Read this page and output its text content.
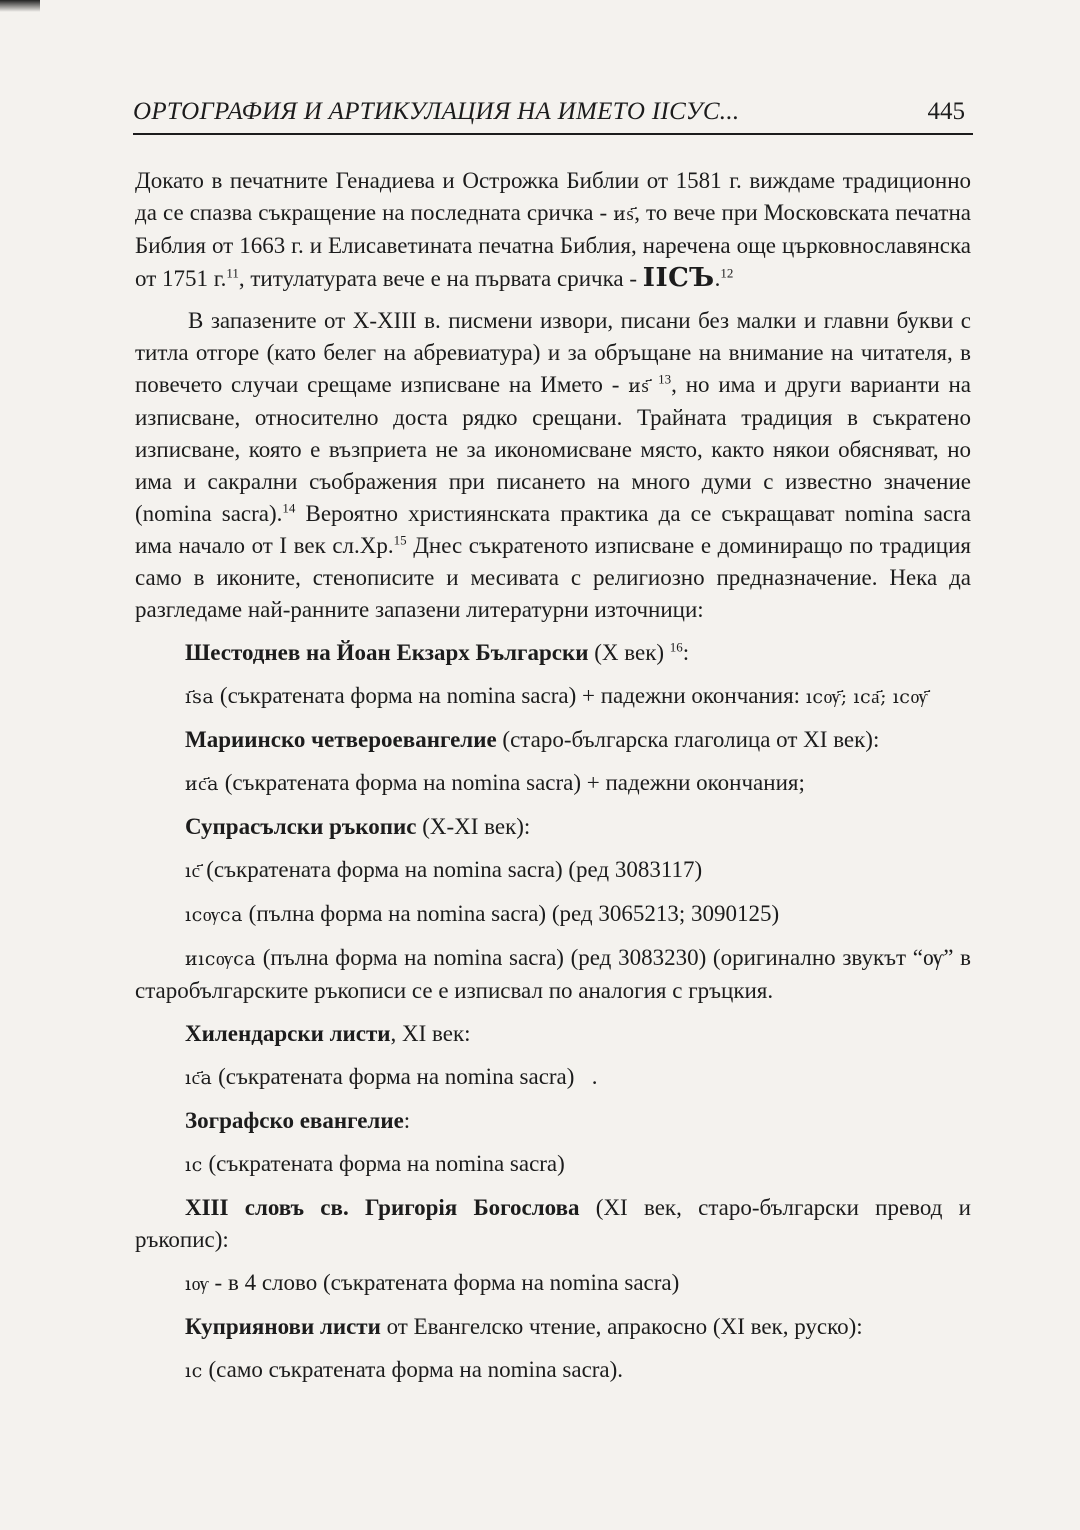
ОРТОГРАФИЯ И АРТИКУЛАЦИЯ НА ИМЕТО ІІСУС...	445

Докато в печатните Генадиева и Острожка Библии от 1581 г. виждаме традиционно да се спазва съкращение на последната сричка - иѕ҃, то вече при Московската печатна Библия от 1663 г. и Елисаветината печатна Библия, наречена още църковнославянска от 1751 г.$^{11}$, титулатурата вече е на първата сричка - ІІСЪ.$^{12}$

В запазените от X-XIII в. писмени извори, писани без малки и главни букви с титла отгоре (като белег на абревиатура) и за обръщане на внимание на читателя, в повечето случаи срещаме изписване на Името - иѕ҃ $^{13}$, но има и други варианти на изписване, относително доста рядко срещани. Трайната традиция в съкратено изписване, която е възприета не за икономисване място, както някои обясняват, но има и сакрални съображения при писането на много думи с известно значение (nomina sacra).$^{14}$ Вероятно християнската практика да се съкращават nomina sacra има начало от I век сл.Хр.$^{15}$ Днес съкратеното изписване е доминиращо по традиция само в иконите, стенописите и месивата с религиозно предназначение. Нека да разгледаме най-ранните запазени литературни източници:

Шестоднев на Йоан Екзарх Български (X век) $^{16}$:

ı҃ѕа (съкратената форма на nomina sacra) + падежни окончания: ıсѹ҃; ıса҃; ıсѹ҃

Мариинско четвероевангелие (старо-българска глаголица от XI век):

ис҃а (съкратената форма на nomina sacra) + падежни окончания;

Супрасълски ръкопис (X-XI век):

ıс҃ (съкратената форма на nomina sacra) (ред 3083117)

ıсѹса (пълна форма на nomina sacra) (ред 3065213; 3090125)

иıсѹса (пълна форма на nomina sacra) (ред 3083230) (оригинално звукът “ѹ” в старобългарските ръкописи се е изписвал по аналогия с гръцкия.

Хилендарски листи, XI век:

ıс҃а (съкратената форма на nomina sacra) .

Зографско евангелие:

ıс (съкратената форма на nomina sacra)

XIII словъ св. Григорія Богослова (XI век, старо-български превод и ръкопис):

ıѹ - в 4 слово (съкратената форма на nomina sacra)

Куприянови листи от Евангелско чтение, апракосно (XI век, руско):

ıс (само съкратената форма на nomina sacra).
